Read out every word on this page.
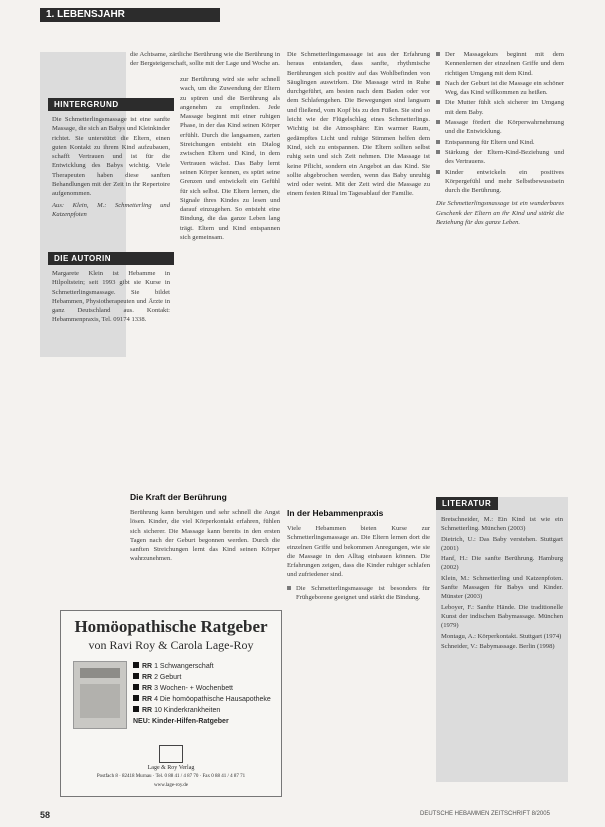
1. LEBENSJAHR

die Achtsame, zärtliche Berührung wie die Berührung in der Bergsteigerschaft, sollte mit der Lage und Woche an.

HINTERGRUND

Die Schmetterlingsmassage ist eine sanfte Massage, die sich an Babys und Kleinkinder richtet. Sie unterstützt die Eltern, einen guten Kontakt zu ihrem Kind aufzubauen, schafft Vertrauen und ist für die Entwicklung des Babys wichtig. Viele Therapeuten haben diese sanften Behandlungen mit der Zeit in ihr Repertoire aufgenommen.

Aus: Klein, M.: Schmetterling und Katzenpfoten

DIE AUTORIN

Margarete Klein ist Hebamme in Hilpoltstein; seit 1993 gibt sie Kurse in Schmetterlingsmassage. Sie bildet Hebammen, Physiotherapeuten und Ärzte in ganz Deutschland aus. Kontakt: Hebammenpraxis, Tel. 09174 1338.

zur Berührung wird sie sehr schnell wach, um die Zuwendung der Eltern zu spüren und die Berührung als angenehm zu empfinden. Jede Massage beginnt mit einer ruhigen Phase, in der das Kind seinen Körper erfühlt. Durch die langsamen, zarten Streichungen entsteht ein Dialog zwischen Eltern und Kind, in dem Vertrauen wächst. Das Baby lernt seinen Körper kennen, es spürt seine Grenzen und entwickelt ein Gefühl für sich selbst. Die Eltern lernen, die Signale ihres Kindes zu lesen und darauf einzugehen. So entsteht eine Bindung, die das ganze Leben lang trägt. Eltern und Kind entspannen sich gemeinsam.

Die Kraft der Berührung

Berührung kann beruhigen und sehr schnell die Angst lösen. Kinder, die viel Körperkontakt erfahren, fühlen sich sicherer. Die Massage kann bereits in den ersten Tagen nach der Geburt begonnen werden. Durch die sanften Streichungen lernt das Kind seinen Körper wahrzunehmen.

Die Schmetterlingsmassage ist aus der Erfahrung heraus entstanden, dass sanfte, rhythmische Berührungen sich positiv auf das Wohlbefinden von Säuglingen auswirken. Die Massage wird in Ruhe durchgeführt, am besten nach dem Baden oder vor dem Schlafengehen. Die Bewegungen sind langsam und fließend, vom Kopf bis zu den Füßen. Sie sind so leicht wie der Flügelschlag eines Schmetterlings. Wichtig ist die Atmosphäre: Ein warmer Raum, gedämpftes Licht und ruhige Stimmen helfen dem Kind, sich zu entspannen. Die Eltern sollten selbst ruhig sein und sich Zeit nehmen. Die Massage ist keine Pflicht, sondern ein Angebot an das Kind. Sie sollte abgebrochen werden, wenn das Baby unruhig wird oder weint. Mit der Zeit wird die Massage zu einem festen Ritual im Tagesablauf der Familie.

In der Hebammenpraxis

Viele Hebammen bieten Kurse zur Schmetterlingsmassage an. Die Eltern lernen dort die einzelnen Griffe und bekommen Anregungen, wie sie die Massage in den Alltag einbauen können. Die Erfahrungen zeigen, dass die Kinder ruhiger schlafen und zufriedener sind.

Die Schmetterlingsmassage ist besonders für Frühgeborene geeignet und stärkt die Bindung.
Der Massagekurs beginnt mit dem Kennenlernen der einzelnen Griffe und dem richtigen Umgang mit dem Kind.
Nach der Geburt ist die Massage ein schöner Weg, das Kind willkommen zu heißen.
Die Mutter fühlt sich sicherer im Umgang mit dem Baby.
Massage fördert die Körperwahrnehmung und die Entwicklung.
Entspannung für Eltern und Kind.
Stärkung der Eltern-Kind-Beziehung und des Vertrauens.
Kinder entwickeln ein positives Körpergefühl und mehr Selbstbewusstsein durch die Berührung.

Die Schmetterlingsmassage ist ein wunderbares Geschenk der Eltern an ihr Kind und stärkt die Beziehung für das ganze Leben.

LITERATUR

Bretschneider, M.: Ein Kind ist wie ein Schmetterling. München (2003)

Dietrich, U.: Das Baby verstehen. Stuttgart (2001)

Hanf, H.: Die sanfte Berührung. Hamburg (2002)

Klein, M.: Schmetterling und Katzenpfoten. Sanfte Massagen für Babys und Kinder. Münster (2003)

Leboyer, F.: Sanfte Hände. Die traditionelle Kunst der indischen Babymassage. München (1979)

Montagu, A.: Körperkontakt. Stuttgart (1974)

Schneider, V.: Babymassage. Berlin (1998)

Homöopathische Ratgeber
von Ravi Roy & Carola Lage-Roy
RR 1 Schwangerschaft
RR 2 Geburt
RR 3 Wochen- + Wochenbett
RR 4 Die homöopathische Hausapotheke
RR 10 Kinderkrankheiten
NEU: Kinder-Hilfen-Ratgeber
Lage & Roy Verlag
Postfach 8 · 82418 Murnau · Tel. 0 88 41 / 4 87 70 · Fax 0 88 41 / 4 87 71
www.lage-roy.de
58	DEUTSCHE HEBAMMEN ZEITSCHRIFT 8/2005
